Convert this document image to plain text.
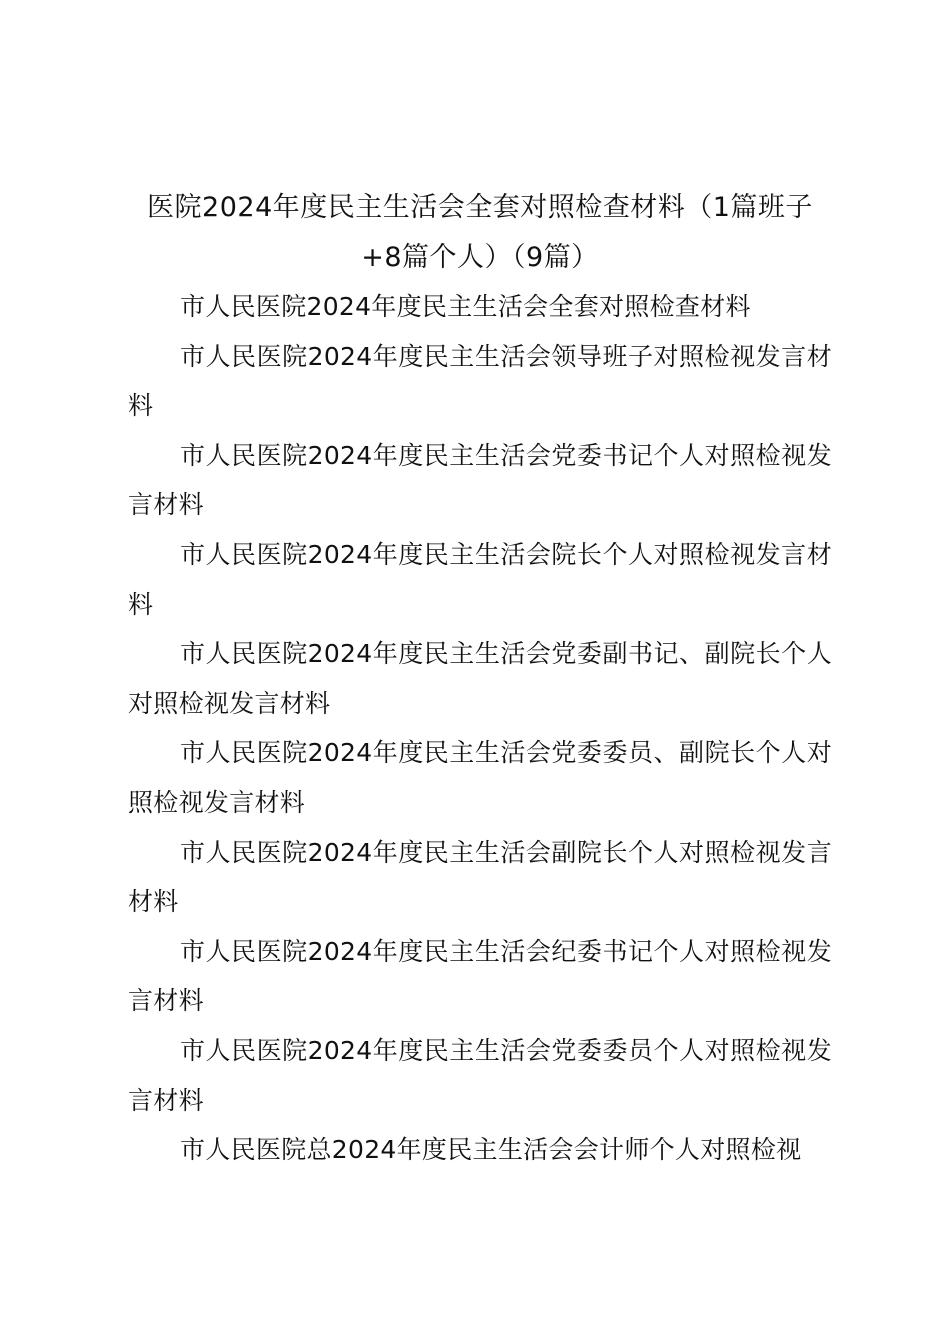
医院2024年度民主生活会全套对照检查材料（1篇班子+8篇个人）（9篇）

市人民医院2024年度民主生活会全套对照检查材料

市人民医院2024年度民主生活会领导班子对照检视发言材料

市人民医院2024年度民主生活会党委书记个人对照检视发言材料

市人民医院2024年度民主生活会院长个人对照检视发言材料

市人民医院2024年度民主生活会党委副书记、副院长个人对照检视发言材料

市人民医院2024年度民主生活会党委委员、副院长个人对照检视发言材料

市人民医院2024年度民主生活会副院长个人对照检视发言材料

市人民医院2024年度民主生活会纪委书记个人对照检视发言材料

市人民医院2024年度民主生活会党委委员个人对照检视发言材料

市人民医院总2024年度民主生活会会计师个人对照检视
